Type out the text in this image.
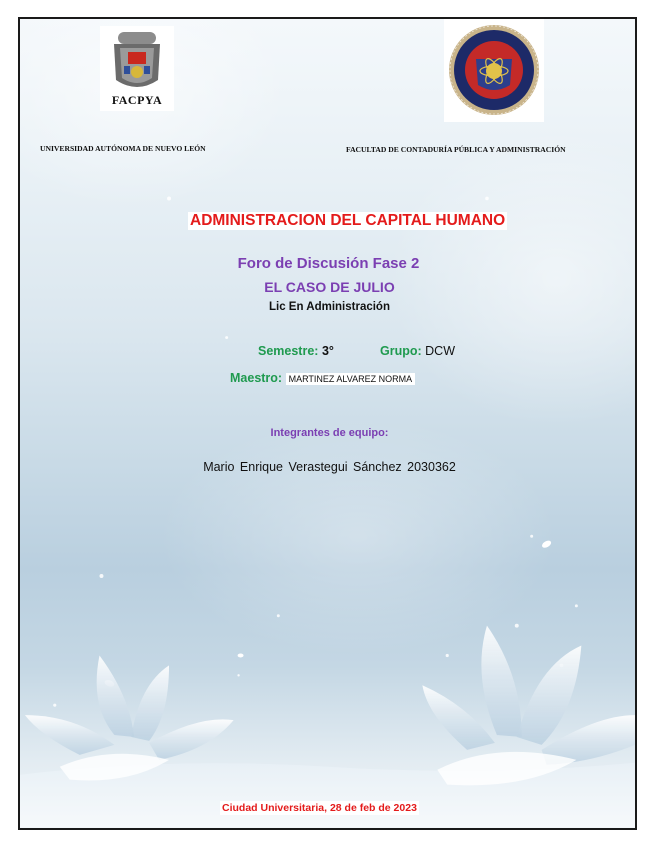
FACPYA
UNIVERSIDAD AUTÓNOMA DE NUEVO LEÓN	FACULTAD DE CONTADURÍA PÚBLICA Y ADMINISTRACIÓN
ADMINISTRACION DEL CAPITAL HUMANO
Foro de Discusión Fase 2
EL CASO DE JULIO
Lic En Administración
Semestre: 3°	Grupo: DCW
Maestro: MARTINEZ ALVAREZ NORMA
Integrantes de equipo:
Mario Enrique Verastegui Sánchez 2030362
Ciudad Universitaria, 28 de feb de 2023
